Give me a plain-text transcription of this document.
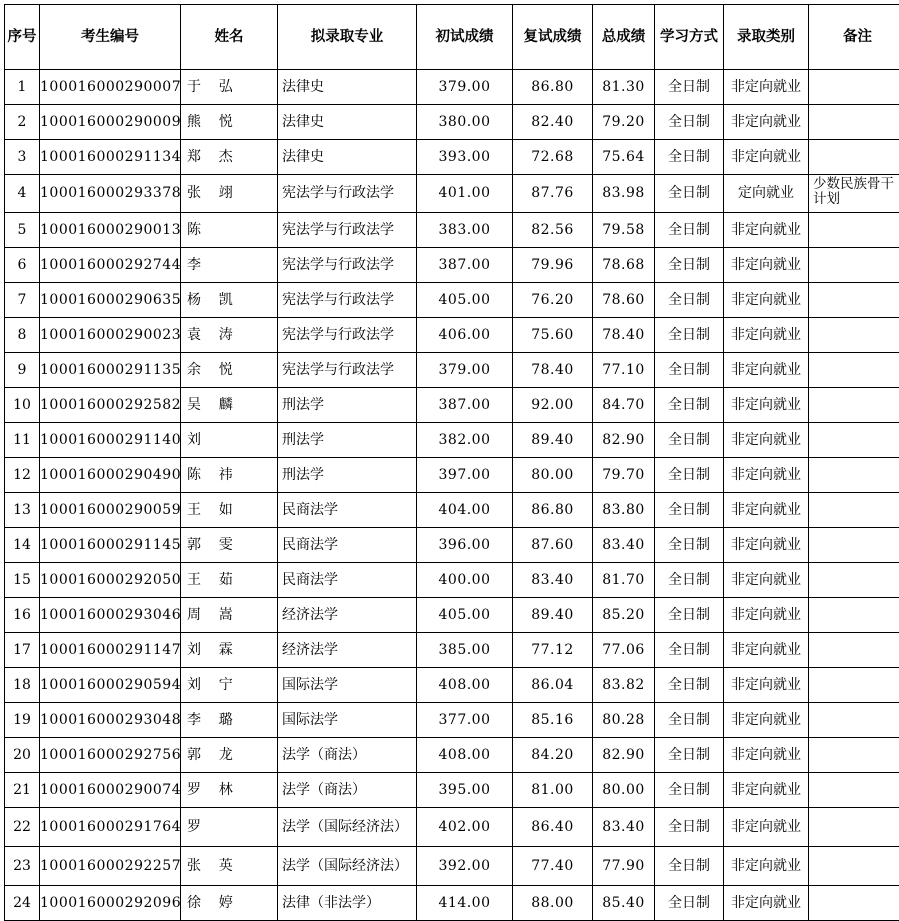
序号	考生编号	姓名	拟录取专业	初试成绩	复试成绩	总成绩	学习方式	录取类别	备注
1	100016000290007	于    弘	法律史	379.00	86.80	81.30	全日制	非定向就业	
2	100016000290009	熊    悦	法律史	380.00	82.40	79.20	全日制	非定向就业	
3	100016000291134	郑    杰	法律史	393.00	72.68	75.64	全日制	非定向就业	
4	100016000293378	张    翊	宪法学与行政法学	401.00	87.76	83.98	全日制	定向就业	少数民族骨干计划
5	100016000290013	陈	宪法学与行政法学	383.00	82.56	79.58	全日制	非定向就业	
6	100016000292744	李	宪法学与行政法学	387.00	79.96	78.68	全日制	非定向就业	
7	100016000290635	杨    凯	宪法学与行政法学	405.00	76.20	78.60	全日制	非定向就业	
8	100016000290023	袁    涛	宪法学与行政法学	406.00	75.60	78.40	全日制	非定向就业	
9	100016000291135	余    悦	宪法学与行政法学	379.00	78.40	77.10	全日制	非定向就业	
10	100016000292582	吴    麟	刑法学	387.00	92.00	84.70	全日制	非定向就业	
11	100016000291140	刘	刑法学	382.00	89.40	82.90	全日制	非定向就业	
12	100016000290490	陈    祎	刑法学	397.00	80.00	79.70	全日制	非定向就业	
13	100016000290059	王    如	民商法学	404.00	86.80	83.80	全日制	非定向就业	
14	100016000291145	郭    雯	民商法学	396.00	87.60	83.40	全日制	非定向就业	
15	100016000292050	王    茹	民商法学	400.00	83.40	81.70	全日制	非定向就业	
16	100016000293046	周    嵩	经济法学	405.00	89.40	85.20	全日制	非定向就业	
17	100016000291147	刘    霖	经济法学	385.00	77.12	77.06	全日制	非定向就业	
18	100016000290594	刘    宁	国际法学	408.00	86.04	83.82	全日制	非定向就业	
19	100016000293048	李    璐	国际法学	377.00	85.16	80.28	全日制	非定向就业	
20	100016000292756	郭    龙	法学（商法）	408.00	84.20	82.90	全日制	非定向就业	
21	100016000290074	罗    林	法学（商法）	395.00	81.00	80.00	全日制	非定向就业	
22	100016000291764	罗	法学（国际经济法）	402.00	86.40	83.40	全日制	非定向就业	
23	100016000292257	张    英	法学（国际经济法）	392.00	77.40	77.90	全日制	非定向就业	
24	100016000292096	徐    婷	法律（非法学）	414.00	88.00	85.40	全日制	非定向就业	
